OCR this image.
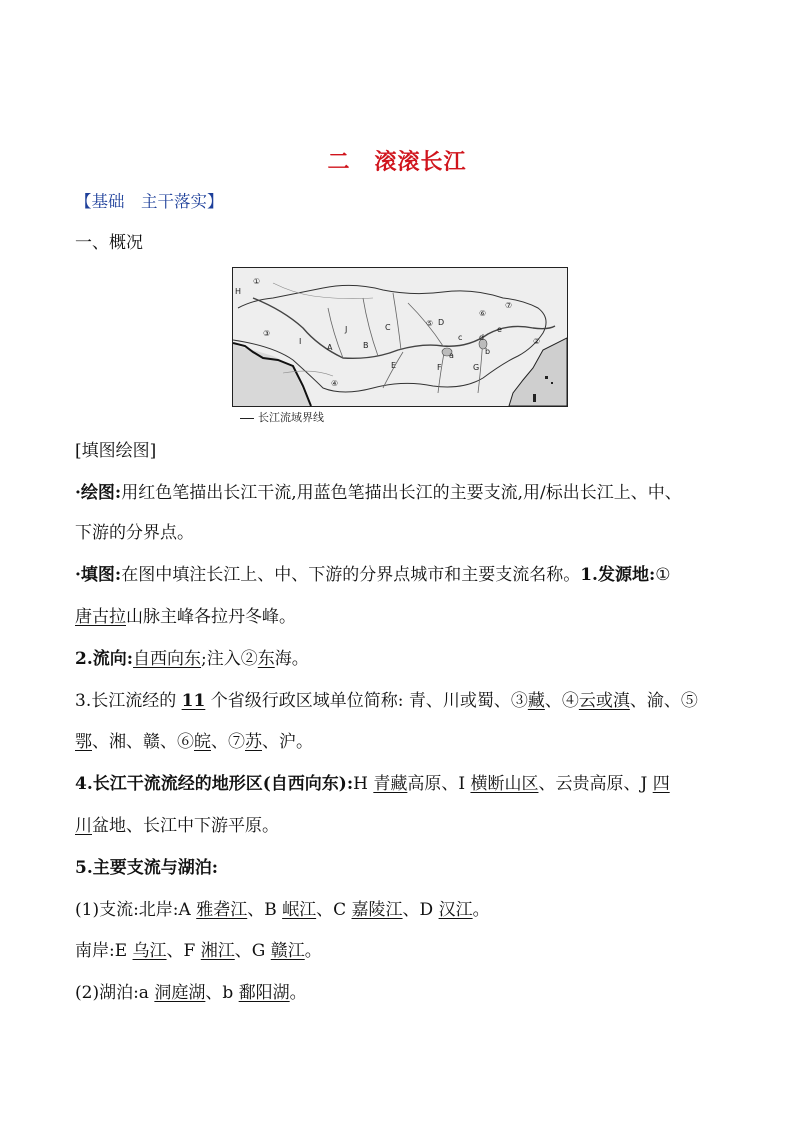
二 滚滚长江
【基础　主干落实】
一、概况
H
①
②
③
④
⑤
⑥
⑦
I
A
J
B
C
D
E	F	G
a	b
c d
e
长江流域界线
[填图绘图]
·绘图:用红色笔描出长江干流,用蓝色笔描出长江的主要支流,用/标出长江上、中、
下游的分界点。
·填图:在图中填注长江上、中、下游的分界点城市和主要支流名称。1.发源地:①
唐古拉山脉主峰各拉丹冬峰。
2.流向:自西向东;注入②东海。
3.长江流经的 11 个省级行政区域单位简称: 青、川或蜀、③藏、④云或滇、渝、⑤
鄂、湘、赣、⑥皖、⑦苏、沪。
4.长江干流流经的地形区(自西向东):H 青藏高原、I 横断山区、云贵高原、J 四
川盆地、长江中下游平原。
5.主要支流与湖泊:
(1)支流:北岸:A 雅砻江、B 岷江、C 嘉陵江、D 汉江。
南岸:E 乌江、F 湘江、G 赣江。
(2)湖泊:a 洞庭湖、b 鄱阳湖。
